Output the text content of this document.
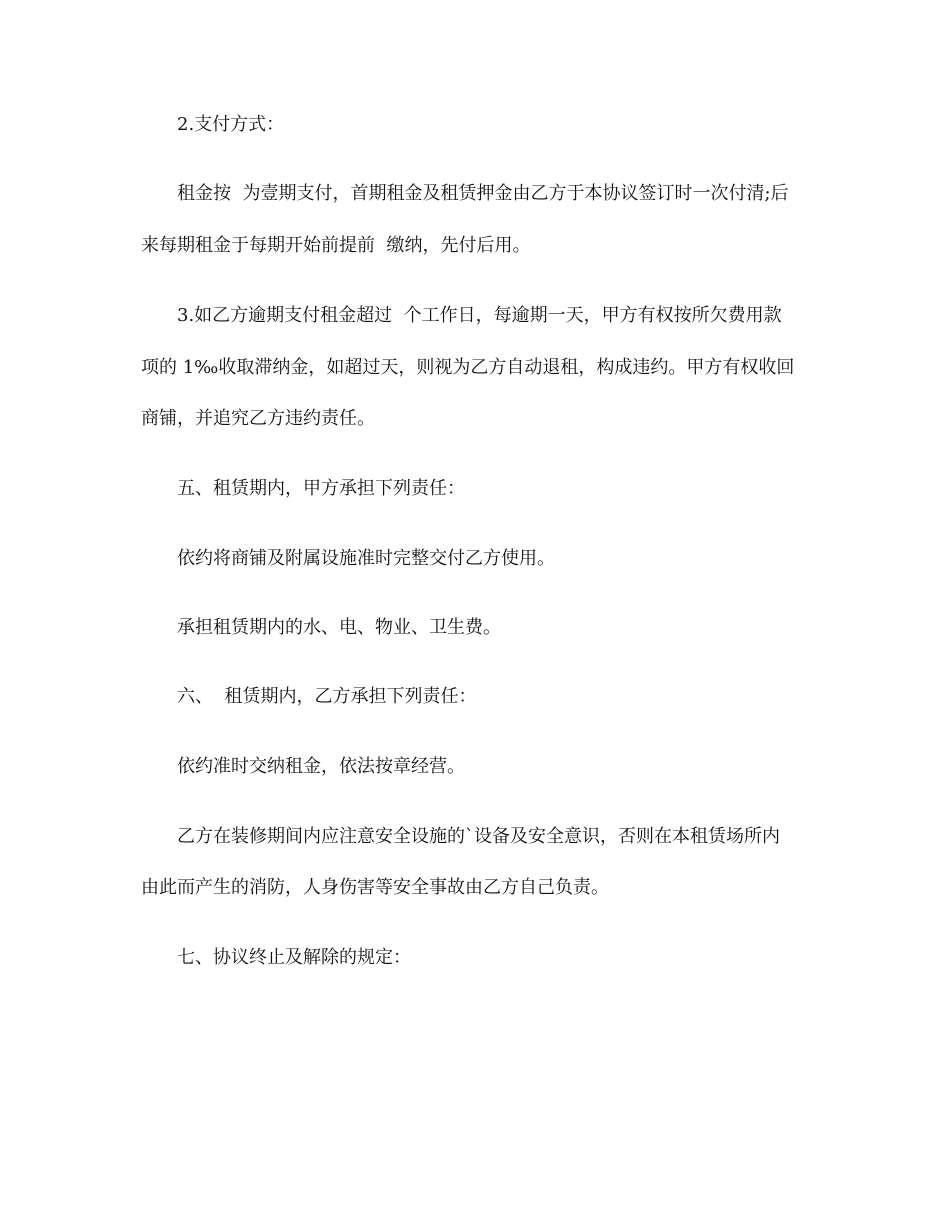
2.支付方式：

租金按  为壹期支付，首期租金及租赁押金由乙方于本协议签订时一次付清;后

来每期租金于每期开始前提前  缴纳，先付后用。

3.如乙方逾期支付租金超过  个工作日，每逾期一天，甲方有权按所欠费用款

项的 1‰收取滞纳金，如超过天，则视为乙方自动退租，构成违约。甲方有权收回

商铺，并追究乙方违约责任。

五、租赁期内，甲方承担下列责任：

依约将商铺及附属设施准时完整交付乙方使用。

承担租赁期内的水、电、物业、卫生费。

六、  租赁期内，乙方承担下列责任：

依约准时交纳租金，依法按章经营。

乙方在装修期间内应注意安全设施的`设备及安全意识，否则在本租赁场所内

由此而产生的消防，人身伤害等安全事故由乙方自己负责。

七、协议终止及解除的规定：
